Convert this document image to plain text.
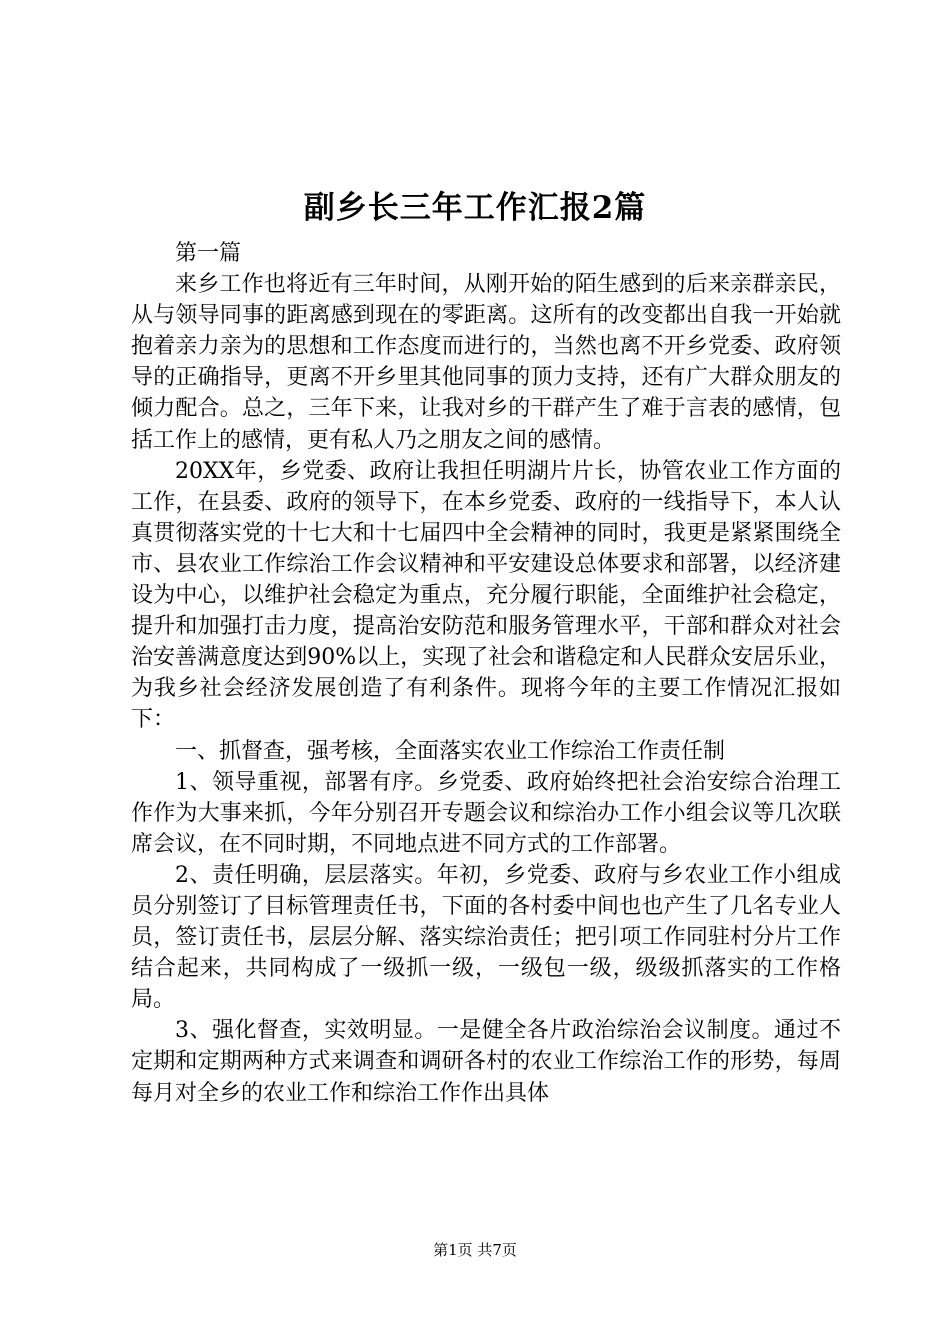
副乡长三年工作汇报2篇

第一篇

来乡工作也将近有三年时间，从刚开始的陌生感到的后来亲群亲民，从与领导同事的距离感到现在的零距离。这所有的改变都出自我一开始就抱着亲力亲为的思想和工作态度而进行的，当然也离不开乡党委、政府领导的正确指导，更离不开乡里其他同事的顶力支持，还有广大群众朋友的倾力配合。总之，三年下来，让我对乡的干群产生了难于言表的感情，包括工作上的感情，更有私人乃之朋友之间的感情。

20XX年，乡党委、政府让我担任明湖片片长，协管农业工作方面的工作，在县委、政府的领导下，在本乡党委、政府的一线指导下，本人认真贯彻落实党的十七大和十七届四中全会精神的同时，我更是紧紧围绕全市、县农业工作综治工作会议精神和平安建设总体要求和部署，以经济建设为中心，以维护社会稳定为重点，充分履行职能，全面维护社会稳定，提升和加强打击力度，提高治安防范和服务管理水平，干部和群众对社会治安善满意度达到90%以上，实现了社会和谐稳定和人民群众安居乐业，为我乡社会经济发展创造了有利条件。现将今年的主要工作情况汇报如下：

一、抓督查，强考核，全面落实农业工作综治工作责任制

1、领导重视，部署有序。乡党委、政府始终把社会治安综合治理工作作为大事来抓，今年分别召开专题会议和综治办工作小组会议等几次联席会议，在不同时期，不同地点进不同方式的工作部署。

2、责任明确，层层落实。年初，乡党委、政府与乡农业工作小组成员分别签订了目标管理责任书，下面的各村委中间也也产生了几名专业人员，签订责任书，层层分解、落实综治责任；把引项工作同驻村分片工作结合起来，共同构成了一级抓一级，一级包一级，级级抓落实的工作格局。

3、强化督查，实效明显。一是健全各片政治综治会议制度。通过不定期和定期两种方式来调查和调研各村的农业工作综治工作的形势，每周每月对全乡的农业工作和综治工作作出具体

第1页 共7页
